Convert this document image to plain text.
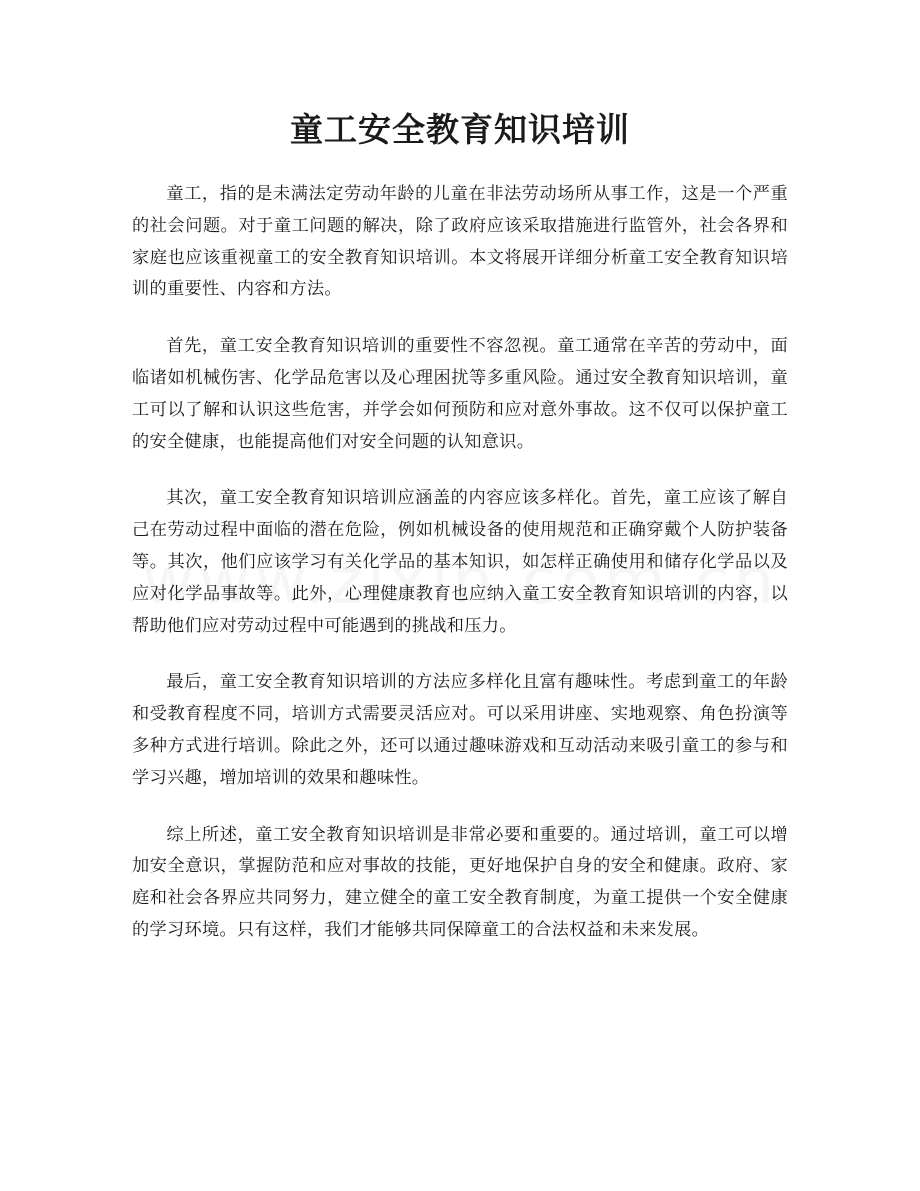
童工安全教育知识培训

童工，指的是未满法定劳动年龄的儿童在非法劳动场所从事工作，这是一个严重的社会问题。对于童工问题的解决，除了政府应该采取措施进行监管外，社会各界和家庭也应该重视童工的安全教育知识培训。本文将展开详细分析童工安全教育知识培训的重要性、内容和方法。

首先，童工安全教育知识培训的重要性不容忽视。童工通常在辛苦的劳动中，面临诸如机械伤害、化学品危害以及心理困扰等多重风险。通过安全教育知识培训，童工可以了解和认识这些危害，并学会如何预防和应对意外事故。这不仅可以保护童工的安全健康，也能提高他们对安全问题的认知意识。

其次，童工安全教育知识培训应涵盖的内容应该多样化。首先，童工应该了解自己在劳动过程中面临的潜在危险，例如机械设备的使用规范和正确穿戴个人防护装备等。其次，他们应该学习有关化学品的基本知识，如怎样正确使用和储存化学品以及应对化学品事故等。此外，心理健康教育也应纳入童工安全教育知识培训的内容，以帮助他们应对劳动过程中可能遇到的挑战和压力。

最后，童工安全教育知识培训的方法应多样化且富有趣味性。考虑到童工的年龄和受教育程度不同，培训方式需要灵活应对。可以采用讲座、实地观察、角色扮演等多种方式进行培训。除此之外，还可以通过趣味游戏和互动活动来吸引童工的参与和学习兴趣，增加培训的效果和趣味性。

综上所述，童工安全教育知识培训是非常必要和重要的。通过培训，童工可以增加安全意识，掌握防范和应对事故的技能，更好地保护自身的安全和健康。政府、家庭和社会各界应共同努力，建立健全的童工安全教育制度，为童工提供一个安全健康的学习环境。只有这样，我们才能够共同保障童工的合法权益和未来发展。
